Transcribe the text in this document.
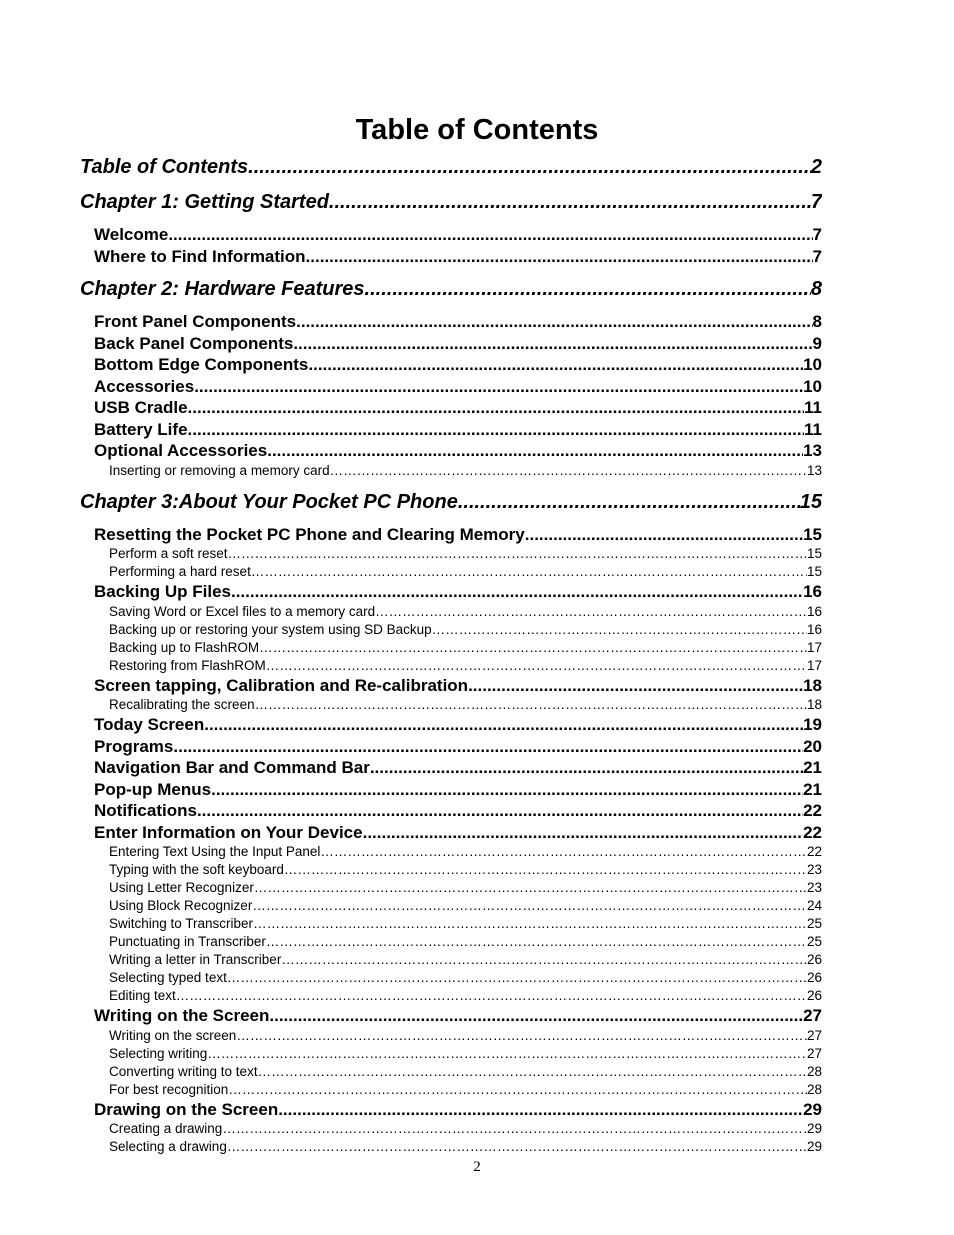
Table of Contents
Table of Contents .....	2
Chapter 1: Getting Started .....	7
Welcome .....	7
Where to Find Information .....	7
Chapter 2: Hardware Features .....	8
Front Panel Components .....	8
Back Panel Components .....	9
Bottom Edge Components .....	10
Accessories .....	10
USB Cradle .....	11
Battery Life .....	11
Optional Accessories .....	13
Inserting or removing a memory card ……………………………………………………………………………………………………………………………………………………………………………………………………………………………………………………	13
Chapter 3:About Your Pocket PC Phone .....	15
Resetting the Pocket PC Phone and Clearing Memory .....	15
Perform a soft reset ……………………………………………………………………………………………………………………………………………………………………………………………………………………………………………………	15
Performing a hard reset ……………………………………………………………………………………………………………………………………………………………………………………………………………………………………………………	15
Backing Up Files .....	16
Saving Word or Excel files to a memory card ……………………………………………………………………………………………………………………………………………………………………………………………………………………………………………………	16
Backing up or restoring your system using SD Backup ……………………………………………………………………………………………………………………………………………………………………………………………………………………………………………………	16
Backing up to FlashROM ……………………………………………………………………………………………………………………………………………………………………………………………………………………………………………………	17
Restoring from FlashROM ……………………………………………………………………………………………………………………………………………………………………………………………………………………………………………………	17
Screen tapping, Calibration and Re-calibration .....	18
Recalibrating the screen ……………………………………………………………………………………………………………………………………………………………………………………………………………………………………………………	18
Today Screen .....	19
Programs .....	20
Navigation Bar and Command Bar .....	21
Pop-up Menus .....	21
Notifications .....	22
Enter Information on Your Device .....	22
Entering Text Using the Input Panel ……………………………………………………………………………………………………………………………………………………………………………………………………………………………………………………	22
Typing with the soft keyboard ……………………………………………………………………………………………………………………………………………………………………………………………………………………………………………………	23
Using Letter Recognizer ……………………………………………………………………………………………………………………………………………………………………………………………………………………………………………………	23
Using Block Recognizer ……………………………………………………………………………………………………………………………………………………………………………………………………………………………………………………	24
Switching to Transcriber ……………………………………………………………………………………………………………………………………………………………………………………………………………………………………………………	25
Punctuating in Transcriber ……………………………………………………………………………………………………………………………………………………………………………………………………………………………………………………	25
Writing a letter in Transcriber ……………………………………………………………………………………………………………………………………………………………………………………………………………………………………………………	26
Selecting typed text ……………………………………………………………………………………………………………………………………………………………………………………………………………………………………………………	26
Editing text ……………………………………………………………………………………………………………………………………………………………………………………………………………………………………………………	26
Writing on the Screen .....	27
Writing on the screen ……………………………………………………………………………………………………………………………………………………………………………………………………………………………………………………	27
Selecting writing ……………………………………………………………………………………………………………………………………………………………………………………………………………………………………………………	27
Converting writing to text ……………………………………………………………………………………………………………………………………………………………………………………………………………………………………………………	28
For best recognition ……………………………………………………………………………………………………………………………………………………………………………………………………………………………………………………	28
Drawing on the Screen .....	29
Creating a drawing ……………………………………………………………………………………………………………………………………………………………………………………………………………………………………………………	29
Selecting a drawing ……………………………………………………………………………………………………………………………………………………………………………………………………………………………………………………	29
2
